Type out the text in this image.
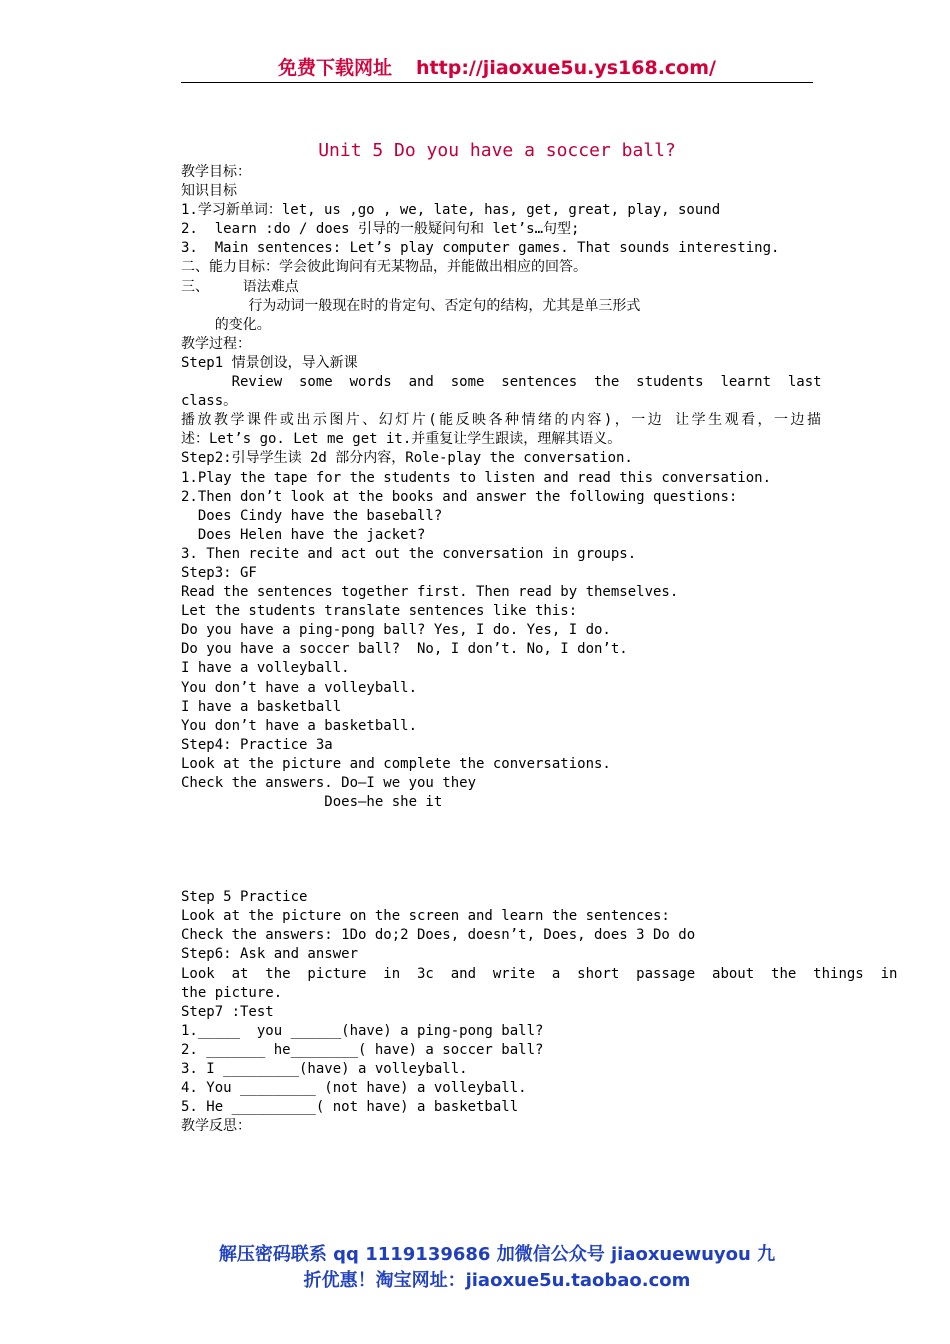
免费下载网址 http://jiaoxue5u.ys168.com/
Unit 5 Do you have a soccer ball?
教学目标：
知识目标
1.学习新单词：let, us ,go , we, late, has, get, great, play, sound
2.  learn :do / does 引导的一般疑问句和 let’s…句型;
3.  Main sentences: Let’s play computer games. That sounds interesting.
二、能力目标：学会彼此询问有无某物品，并能做出相应的回答。
三、    语法难点
行为动词一般现在时的肯定句、否定句的结构，尤其是单三形式
的变化。
教学过程：
Step1 情景创设，导入新课
Review  some  words  and  some  sentences  the  students  learnt  last
class。
播放教学课件或出示图片、幻灯片(能反映各种情绪的内容)，一边 让学生观看，一边描
述：Let’s go. Let me get it.并重复让学生跟读，理解其语义。
Step2:引导学生读 2d 部分内容，Role-play the conversation.
1.Play the tape for the students to listen and read this conversation.
2.Then don’t look at the books and answer the following questions:
Does Cindy have the baseball?
Does Helen have the jacket?
3. Then recite and act out the conversation in groups.
Step3: GF
Read the sentences together first. Then read by themselves.
Let the students translate sentences like this:
Do you have a ping-pong ball? Yes, I do. Yes, I do.
Do you have a soccer ball?  No, I don’t. No, I don’t.
I have a volleyball.
You don’t have a volleyball.
I have a basketball
You don’t have a basketball.
Step4: Practice 3a
Look at the picture and complete the conversations.
Check the answers. Do—I we you they
Does—he she it
Step 5 Practice
Look at the picture on the screen and learn the sentences:
Check the answers: 1Do do;2 Does, doesn’t, Does, does 3 Do do
Step6: Ask and answer
Look  at  the  picture  in  3c  and  write  a  short  passage  about  the  things  in
the picture.
Step7 :Test
1._____  you ______(have) a ping-pong ball?
2. _______ he________( have) a soccer ball?
3. I _________(have) a volleyball.
4. You _________ (not have) a volleyball.
5. He __________( not have) a basketball
教学反思：
解压密码联系 qq 1119139686 加微信公众号 jiaoxuewuyou 九
折优惠！淘宝网址：jiaoxue5u.taobao.com
